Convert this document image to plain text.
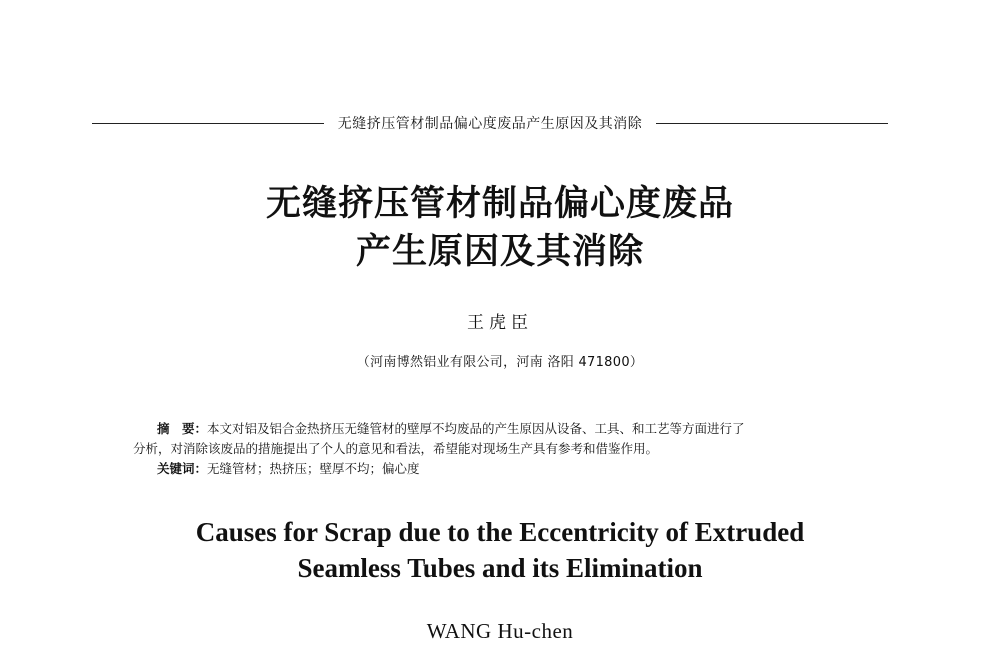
无缝挤压管材制品偏心度废品产生原因及其消除
无缝挤压管材制品偏心度废品
产生原因及其消除
王虎臣
（河南博然铝业有限公司，河南 洛阳 471800）
摘　要：本文对铝及铝合金热挤压无缝管材的壁厚不均废品的产生原因从设备、工具、和工艺等方面进行了
分析，对消除该废品的措施提出了个人的意见和看法，希望能对现场生产具有参考和借鉴作用。
关键词：无缝管材；热挤压；壁厚不均；偏心度
Causes for Scrap due to the Eccentricity of Extruded
Seamless Tubes and its Elimination
WANG Hu-chen
